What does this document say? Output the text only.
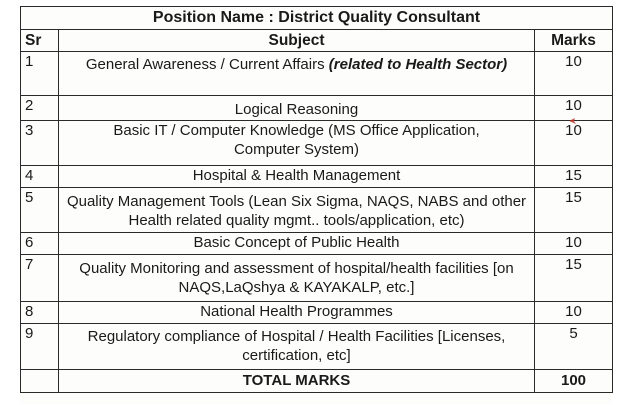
Position Name : District Quality Consultant		
Sr	Subject	Marks
1	General Awareness / Current Affairs (related to Health Sector)	10
2	Logical Reasoning	10
3	Basic IT / Computer Knowledge (MS Office Application, Computer System)	10
4	Hospital & Health Management	15
5	Quality Management Tools (Lean Six Sigma, NAQS, NABS and other Health related quality mgmt.. tools/application, etc)	15
6	Basic Concept of Public Health	10
7	Quality Monitoring and assessment of hospital/health facilities [on NAQS,LaQshya & KAYAKALP, etc.]	15
8	National Health Programmes	10
9	Regulatory compliance of Hospital / Health Facilities [Licenses, certification, etc]	5
	TOTAL MARKS	100
